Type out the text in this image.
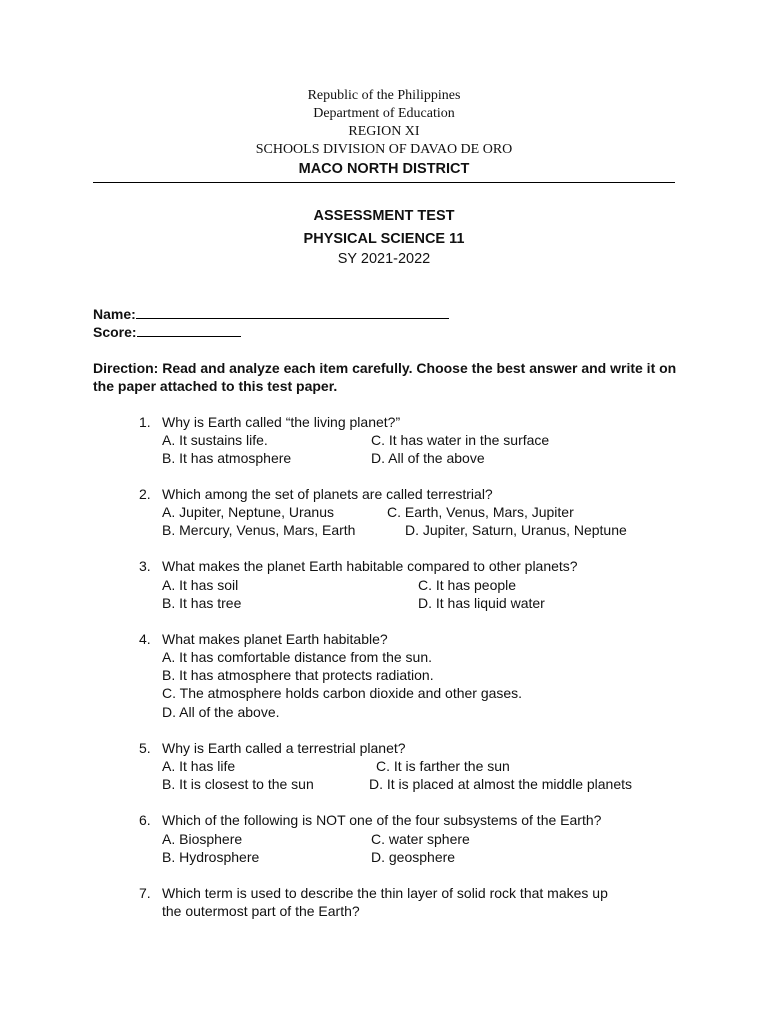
Republic of the Philippines
Department of Education
REGION XI
SCHOOLS DIVISION OF DAVAO DE ORO
MACO NORTH DISTRICT
ASSESSMENT TEST
PHYSICAL SCIENCE 11
SY 2021-2022
Name:
Score:
Direction: Read and analyze each item carefully. Choose the best answer and write it on the paper attached to this test paper.
1. Why is Earth called “the living planet?”
A. It sustains life.	C. It has water in the surface
B. It has atmosphere	D. All of the above
2. Which among the set of planets are called terrestrial?
A. Jupiter, Neptune, Uranus	C. Earth, Venus, Mars, Jupiter
B. Mercury, Venus, Mars, Earth	D. Jupiter, Saturn, Uranus, Neptune
3. What makes the planet Earth habitable compared to other planets?
A. It has soil	C. It has people
B. It has tree	D. It has liquid water
4. What makes planet Earth habitable?
A. It has comfortable distance from the sun.
B. It has atmosphere that protects radiation.
C. The atmosphere holds carbon dioxide and other gases.
D. All of the above.
5. Why is Earth called a terrestrial planet?
A. It has life	C. It is farther the sun
B. It is closest to the sun	D. It is placed at almost the middle planets
6. Which of the following is NOT one of the four subsystems of the Earth?
A. Biosphere	C. water sphere
B. Hydrosphere	D. geosphere
7. Which term is used to describe the thin layer of solid rock that makes up
the outermost part of the Earth?
